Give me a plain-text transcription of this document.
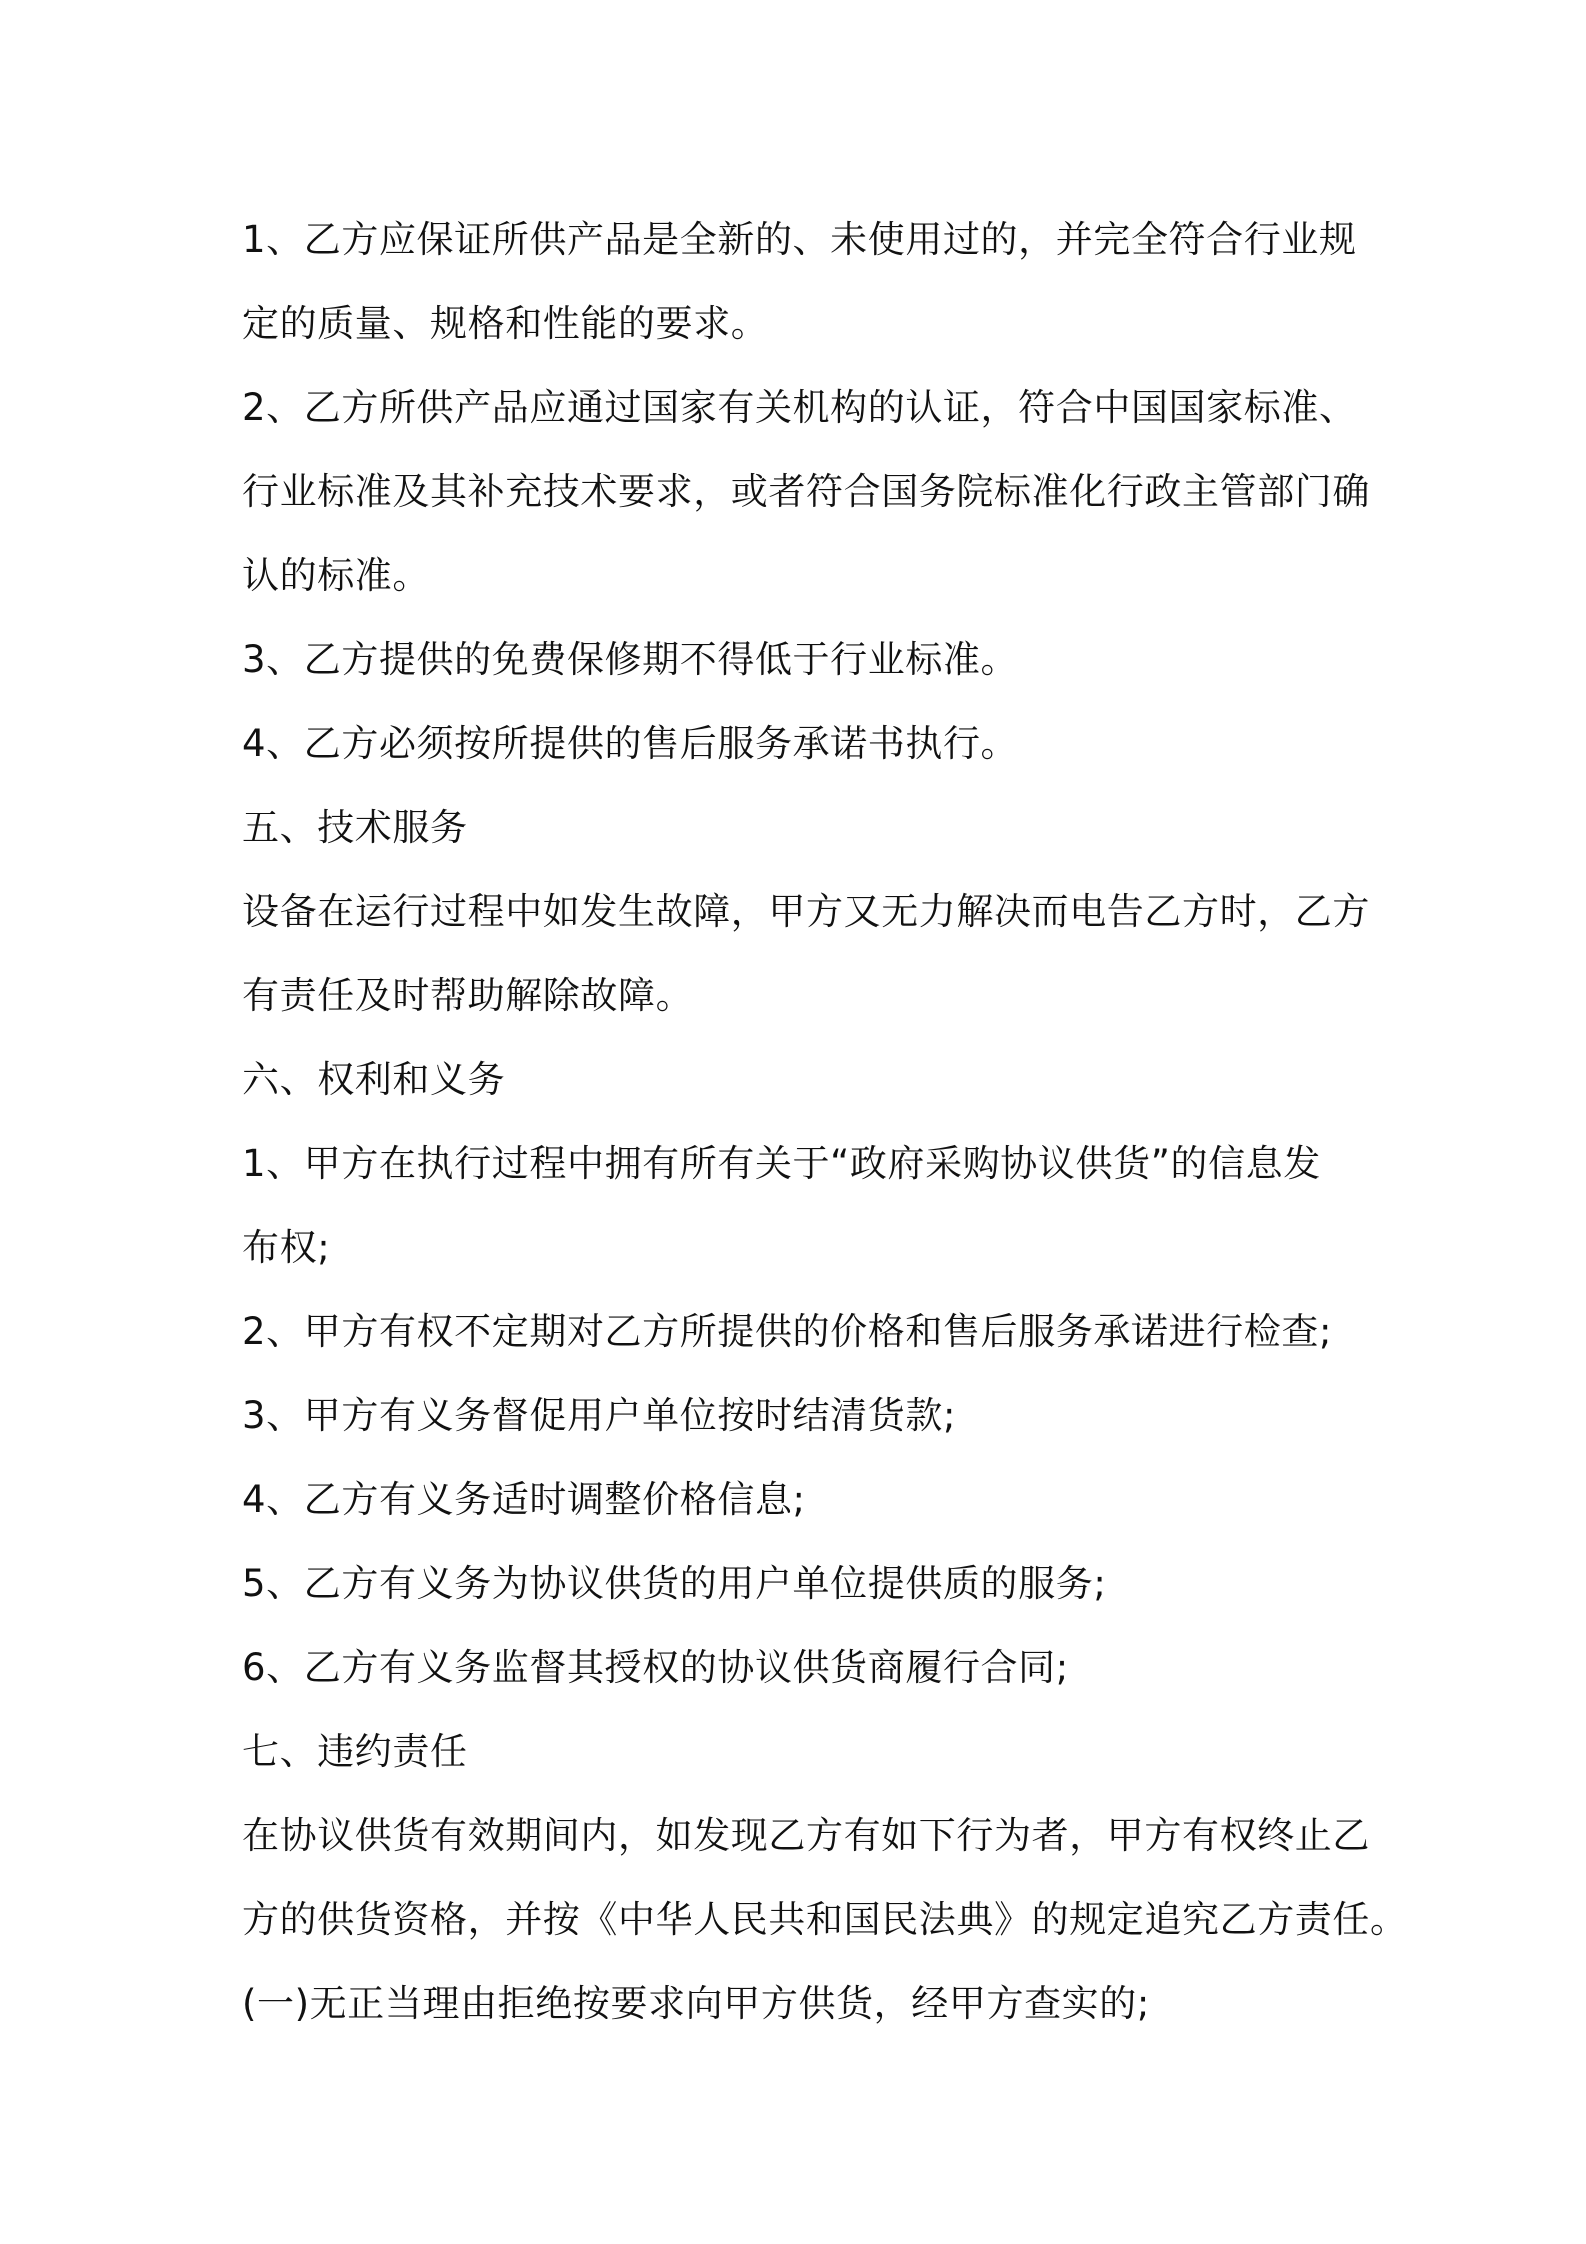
1、乙方应保证所供产品是全新的、未使用过的，并完全符合行业规
定的质量、规格和性能的要求。
2、乙方所供产品应通过国家有关机构的认证，符合中国国家标准、
行业标准及其补充技术要求，或者符合国务院标准化行政主管部门确
认的标准。
3、乙方提供的免费保修期不得低于行业标准。
4、乙方必须按所提供的售后服务承诺书执行。
五、技术服务
设备在运行过程中如发生故障，甲方又无力解决而电告乙方时，乙方
有责任及时帮助解除故障。
六、权利和义务
1、甲方在执行过程中拥有所有关于“政府采购协议供货”的信息发
布权;
2、甲方有权不定期对乙方所提供的价格和售后服务承诺进行检查;
3、甲方有义务督促用户单位按时结清货款;
4、乙方有义务适时调整价格信息;
5、乙方有义务为协议供货的用户单位提供质的服务;
6、乙方有义务监督其授权的协议供货商履行合同;
七、违约责任
在协议供货有效期间内，如发现乙方有如下行为者，甲方有权终止乙
方的供货资格，并按《中华人民共和国民法典》的规定追究乙方责任。
(一)无正当理由拒绝按要求向甲方供货，经甲方查实的;
